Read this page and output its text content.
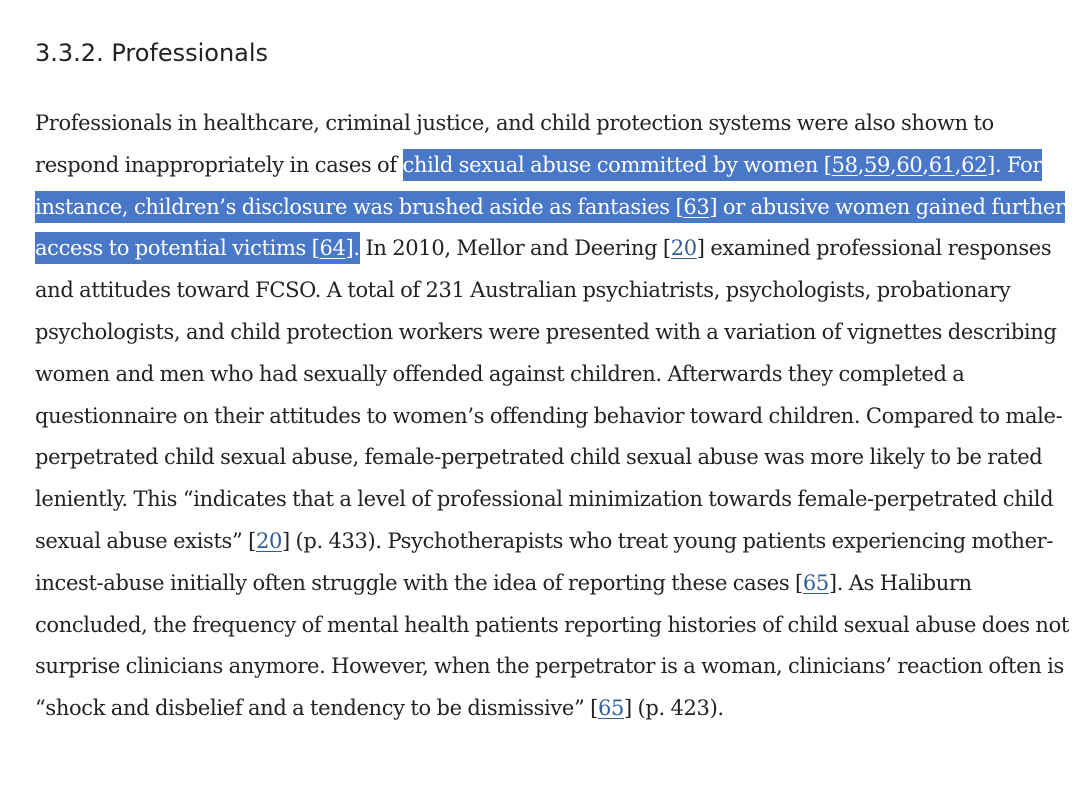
3.3.2. Professionals

Professionals in healthcare, criminal justice, and child protection systems were also shown to respond inappropriately in cases of child sexual abuse committed by women [58,59,60,61,62]. For instance, children’s disclosure was brushed aside as fantasies [63] or abusive women gained further access to potential victims [64]. In 2010, Mellor and Deering [20] examined professional responses and attitudes toward FCSO. A total of 231 Australian psychiatrists, psychologists, probationary psychologists, and child protection workers were presented with a variation of vignettes describing women and men who had sexually offended against children. Afterwards they completed a questionnaire on their attitudes to women’s offending behavior toward children. Compared to male-perpetrated child sexual abuse, female-perpetrated child sexual abuse was more likely to be rated leniently. This “indicates that a level of professional minimization towards female-perpetrated child sexual abuse exists” [20] (p. 433). Psychotherapists who treat young patients experiencing mother-incest-abuse initially often struggle with the idea of reporting these cases [65]. As Haliburn concluded, the frequency of mental health patients reporting histories of child sexual abuse does not surprise clinicians anymore. However, when the perpetrator is a woman, clinicians’ reaction often is “shock and disbelief and a tendency to be dismissive” [65] (p. 423).
